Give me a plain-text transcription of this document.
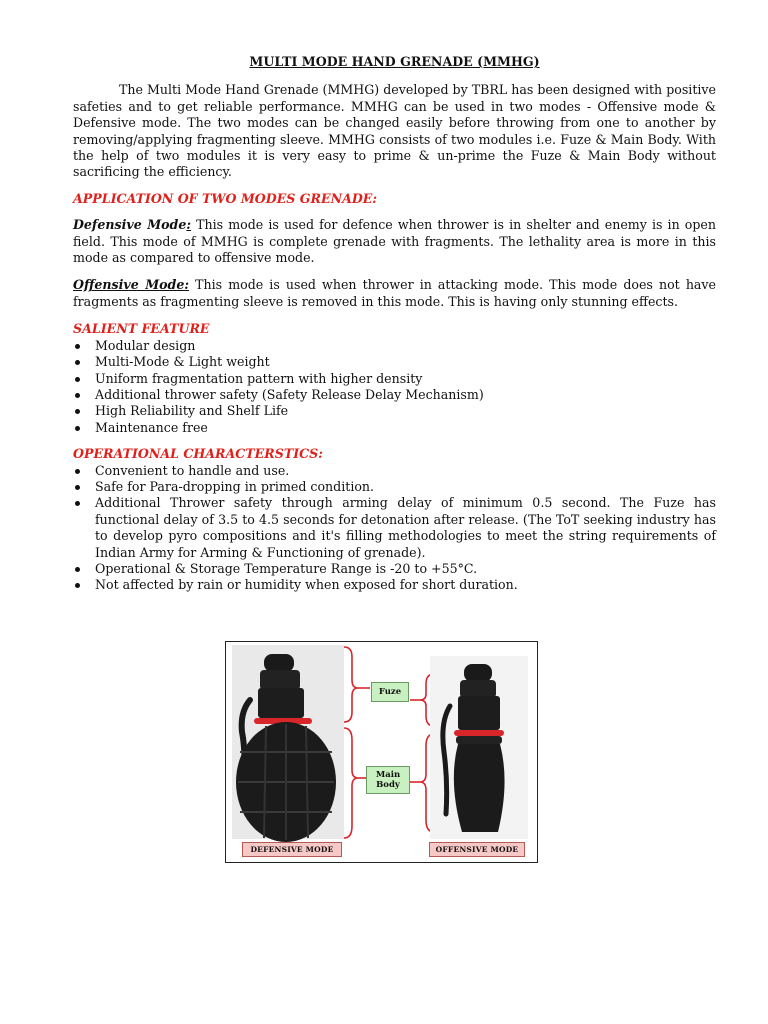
MULTI MODE HAND GRENADE (MMHG)

The Multi Mode Hand Grenade (MMHG) developed by TBRL has been designed with positive safeties and to get reliable performance. MMHG can be used in two modes - Offensive mode & Defensive mode. The two modes can be changed easily before throwing from one to another by removing/applying fragmenting sleeve. MMHG consists of two modules i.e. Fuze & Main Body. With the help of two modules it is very easy to prime & un-prime the Fuze & Main Body without sacrificing the efficiency.

APPLICATION OF TWO MODES GRENADE:

Defensive Mode: This mode is used for defence when thrower is in shelter and enemy is in open field. This mode of MMHG is complete grenade with fragments. The lethality area is more in this mode as compared to offensive mode.

Offensive Mode: This mode is used when thrower in attacking mode. This mode does not have fragments as fragmenting sleeve is removed in this mode. This is having only stunning effects.

SALIENT FEATURE
Modular design
Multi-Mode & Light weight
Uniform fragmentation pattern with higher density
Additional thrower safety (Safety Release Delay Mechanism)
High Reliability and Shelf Life
Maintenance free
OPERATIONAL CHARACTERSTICS:
Convenient to handle and use.
Safe for Para-dropping in primed condition.
Additional Thrower safety through arming delay of minimum 0.5 second. The Fuze has functional delay of 3.5 to 4.5 seconds for detonation after release. (The ToT seeking industry has to develop pyro compositions and it's filling methodologies to meet the string requirements of Indian Army for Arming & Functioning of grenade).
Operational & Storage Temperature Range is -20 to +55°C.
Not affected by rain or humidity when exposed for short duration.
Fuze
Main
Body
DEFENSIVE MODE	OFFENSIVE MODE
